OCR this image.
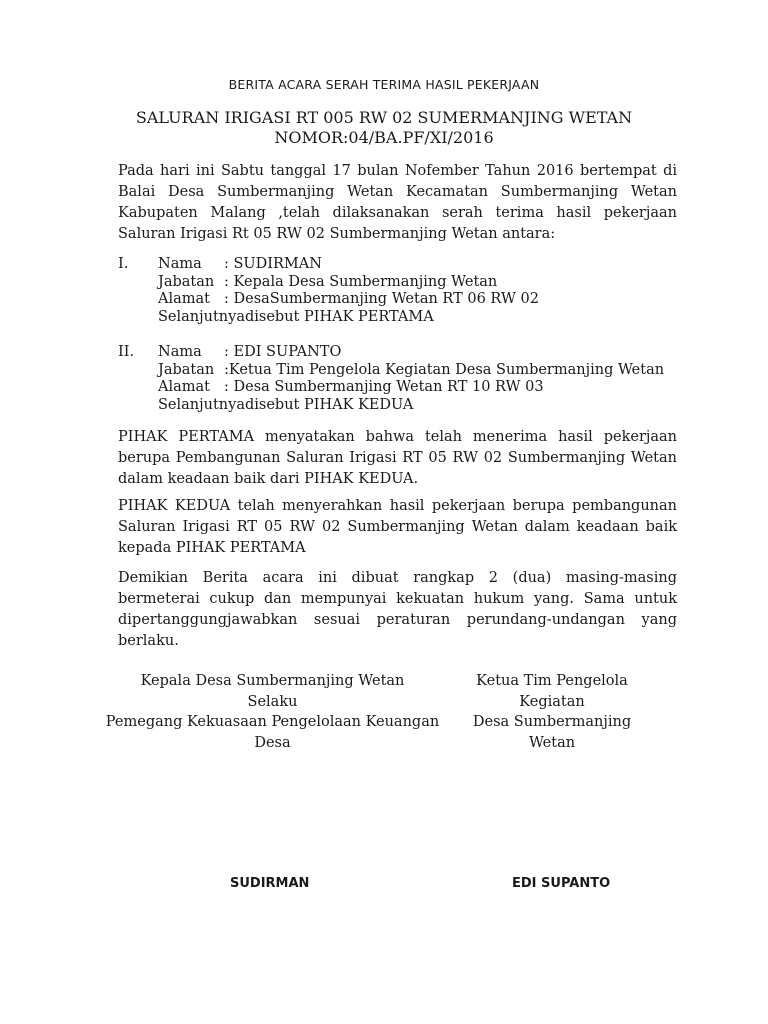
BERITA ACARA SERAH TERIMA HASIL PEKERJAAN
SALURAN IRIGASI RT 005 RW 02 SUMERMANJING WETAN
NOMOR:04/BA.PF/XI/2016
Pada hari ini Sabtu tanggal 17 bulan Nofember Tahun 2016 bertempat di Balai Desa Sumbermanjing Wetan Kecamatan Sumbermanjing Wetan Kabupaten Malang ,telah dilaksanakan serah terima hasil pekerjaan Saluran Irigasi Rt 05 RW 02 Sumbermanjing Wetan antara:
I. Nama	: SUDIRMAN
Jabatan : Kepala Desa Sumbermanjing Wetan
Alamat : DesaSumbermanjing Wetan RT 06 RW 02
Selanjutnyadisebut PIHAK PERTAMA
II. Nama	: EDI SUPANTO
Jabatan :Ketua Tim Pengelola Kegiatan Desa Sumbermanjing Wetan
Alamat : Desa Sumbermanjing Wetan RT 10 RW 03
Selanjutnyadisebut PIHAK KEDUA
PIHAK PERTAMA menyatakan bahwa telah menerima hasil pekerjaan berupa Pembangunan Saluran Irigasi RT 05 RW 02 Sumbermanjing Wetan dalam keadaan baik dari PIHAK KEDUA.
PIHAK KEDUA telah menyerahkan hasil pekerjaan berupa pembangunan Saluran Irigasi RT 05 RW 02 Sumbermanjing Wetan dalam keadaan baik kepada PIHAK PERTAMA
Demikian Berita acara ini dibuat rangkap 2 (dua) masing-masing bermeterai cukup dan mempunyai kekuatan hukum yang. Sama untuk dipertanggungjawabkan sesuai peraturan perundang-undangan yang berlaku.
Kepala Desa Sumbermanjing Wetan
Selaku
Pemegang Kekuasaan Pengelolaan Keuangan
Desa
Ketua Tim Pengelola
Kegiatan
Desa Sumbermanjing
Wetan
SUDIRMAN	EDI SUPANTO
